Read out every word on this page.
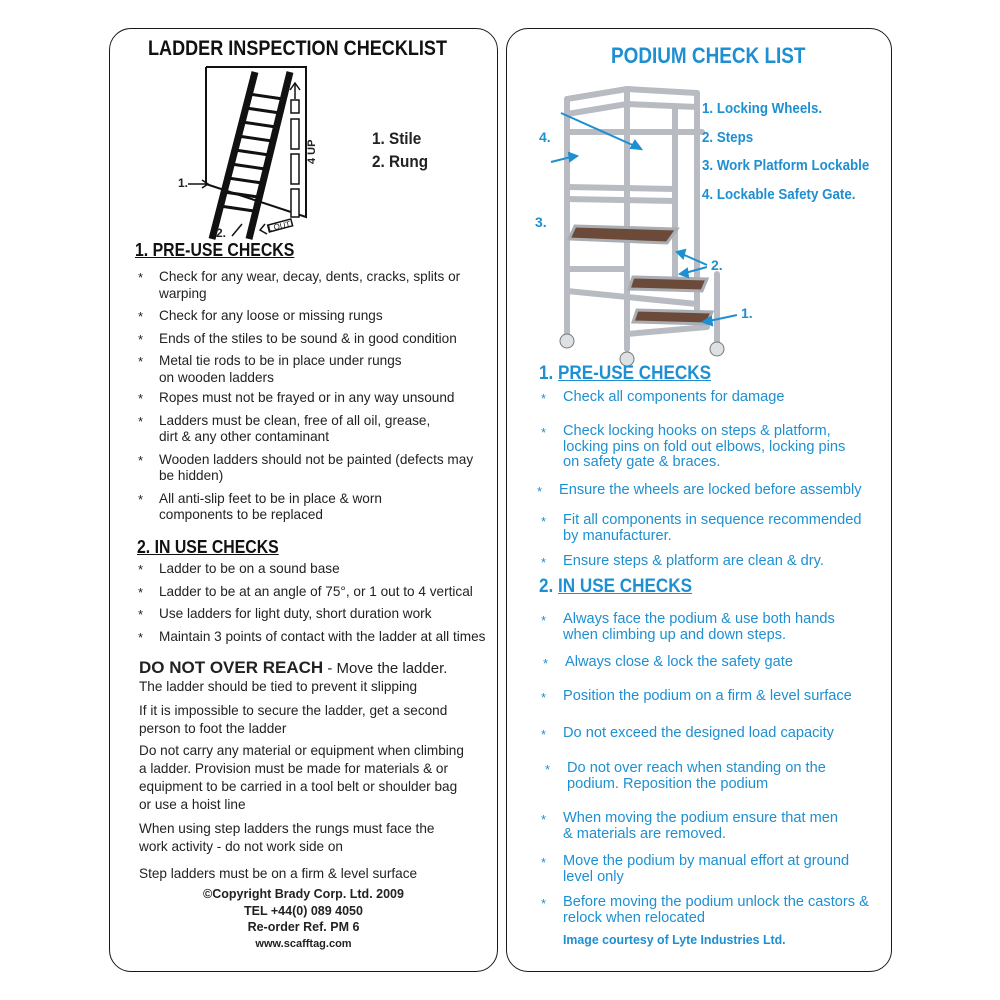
LADDER INSPECTION CHECKLIST
1.
2.
4 UP
1 OUT
1. Stile
2. Rung
1. PRE-USE CHECKS
* Check for any wear, decay, dents, cracks, splits or warping
* Check for any loose or missing rungs
* Ends of the stiles to be sound & in good condition
* Metal tie rods to be in place under rungs on wooden ladders
* Ropes must not be frayed or in any way unsound
* Ladders must be clean, free of all oil, grease, dirt & any other contaminant
* Wooden ladders should not be painted (defects may be hidden)
* All anti-slip feet to be in place & worn components to be replaced
2. IN USE CHECKS
* Ladder to be on a sound base
* Ladder to be at an angle of 75°, or 1 out to 4 vertical
* Use ladders for light duty, short duration work
* Maintain 3 points of contact with the ladder at all times
DO NOT OVER REACH - Move the ladder.
The ladder should be tied to prevent it slipping
If it is impossible to secure the ladder, get a second person to foot the ladder
Do not carry any material or equipment when climbing a ladder. Provision must be made for materials & or equipment to be carried in a tool belt or shoulder bag or use a hoist line
When using step ladders the rungs must face the work activity - do not work side on
Step ladders must be on a firm & level surface
©Copyright Brady Corp. Ltd. 2009
TEL +44(0) 089 4050
Re-order Ref. PM 6
www.scafftag.com
PODIUM CHECK LIST
4.
3.
2.
1.
1. Locking Wheels.
2. Steps
3. Work Platform Lockable
4. Lockable Safety Gate.
1. PRE-USE CHECKS
* Check all components for damage
* Check locking hooks on steps & platform, locking pins on fold out elbows, locking pins on safety gate & braces.
* Ensure the wheels are locked before assembly
* Fit all components in sequence recommended by manufacturer.
* Ensure steps & platform are clean & dry.
2. IN USE CHECKS
* Always face the podium & use both hands when climbing up and down steps.
* Always close & lock the safety gate
* Position the podium on a firm & level surface
* Do not exceed the designed load capacity
* Do not over reach when standing on the podium. Reposition the podium
* When moving the podium ensure that men & materials are removed.
* Move the podium by manual effort at ground level only
* Before moving the podium unlock the castors & relock when relocated
Image courtesy of Lyte Industries Ltd.
